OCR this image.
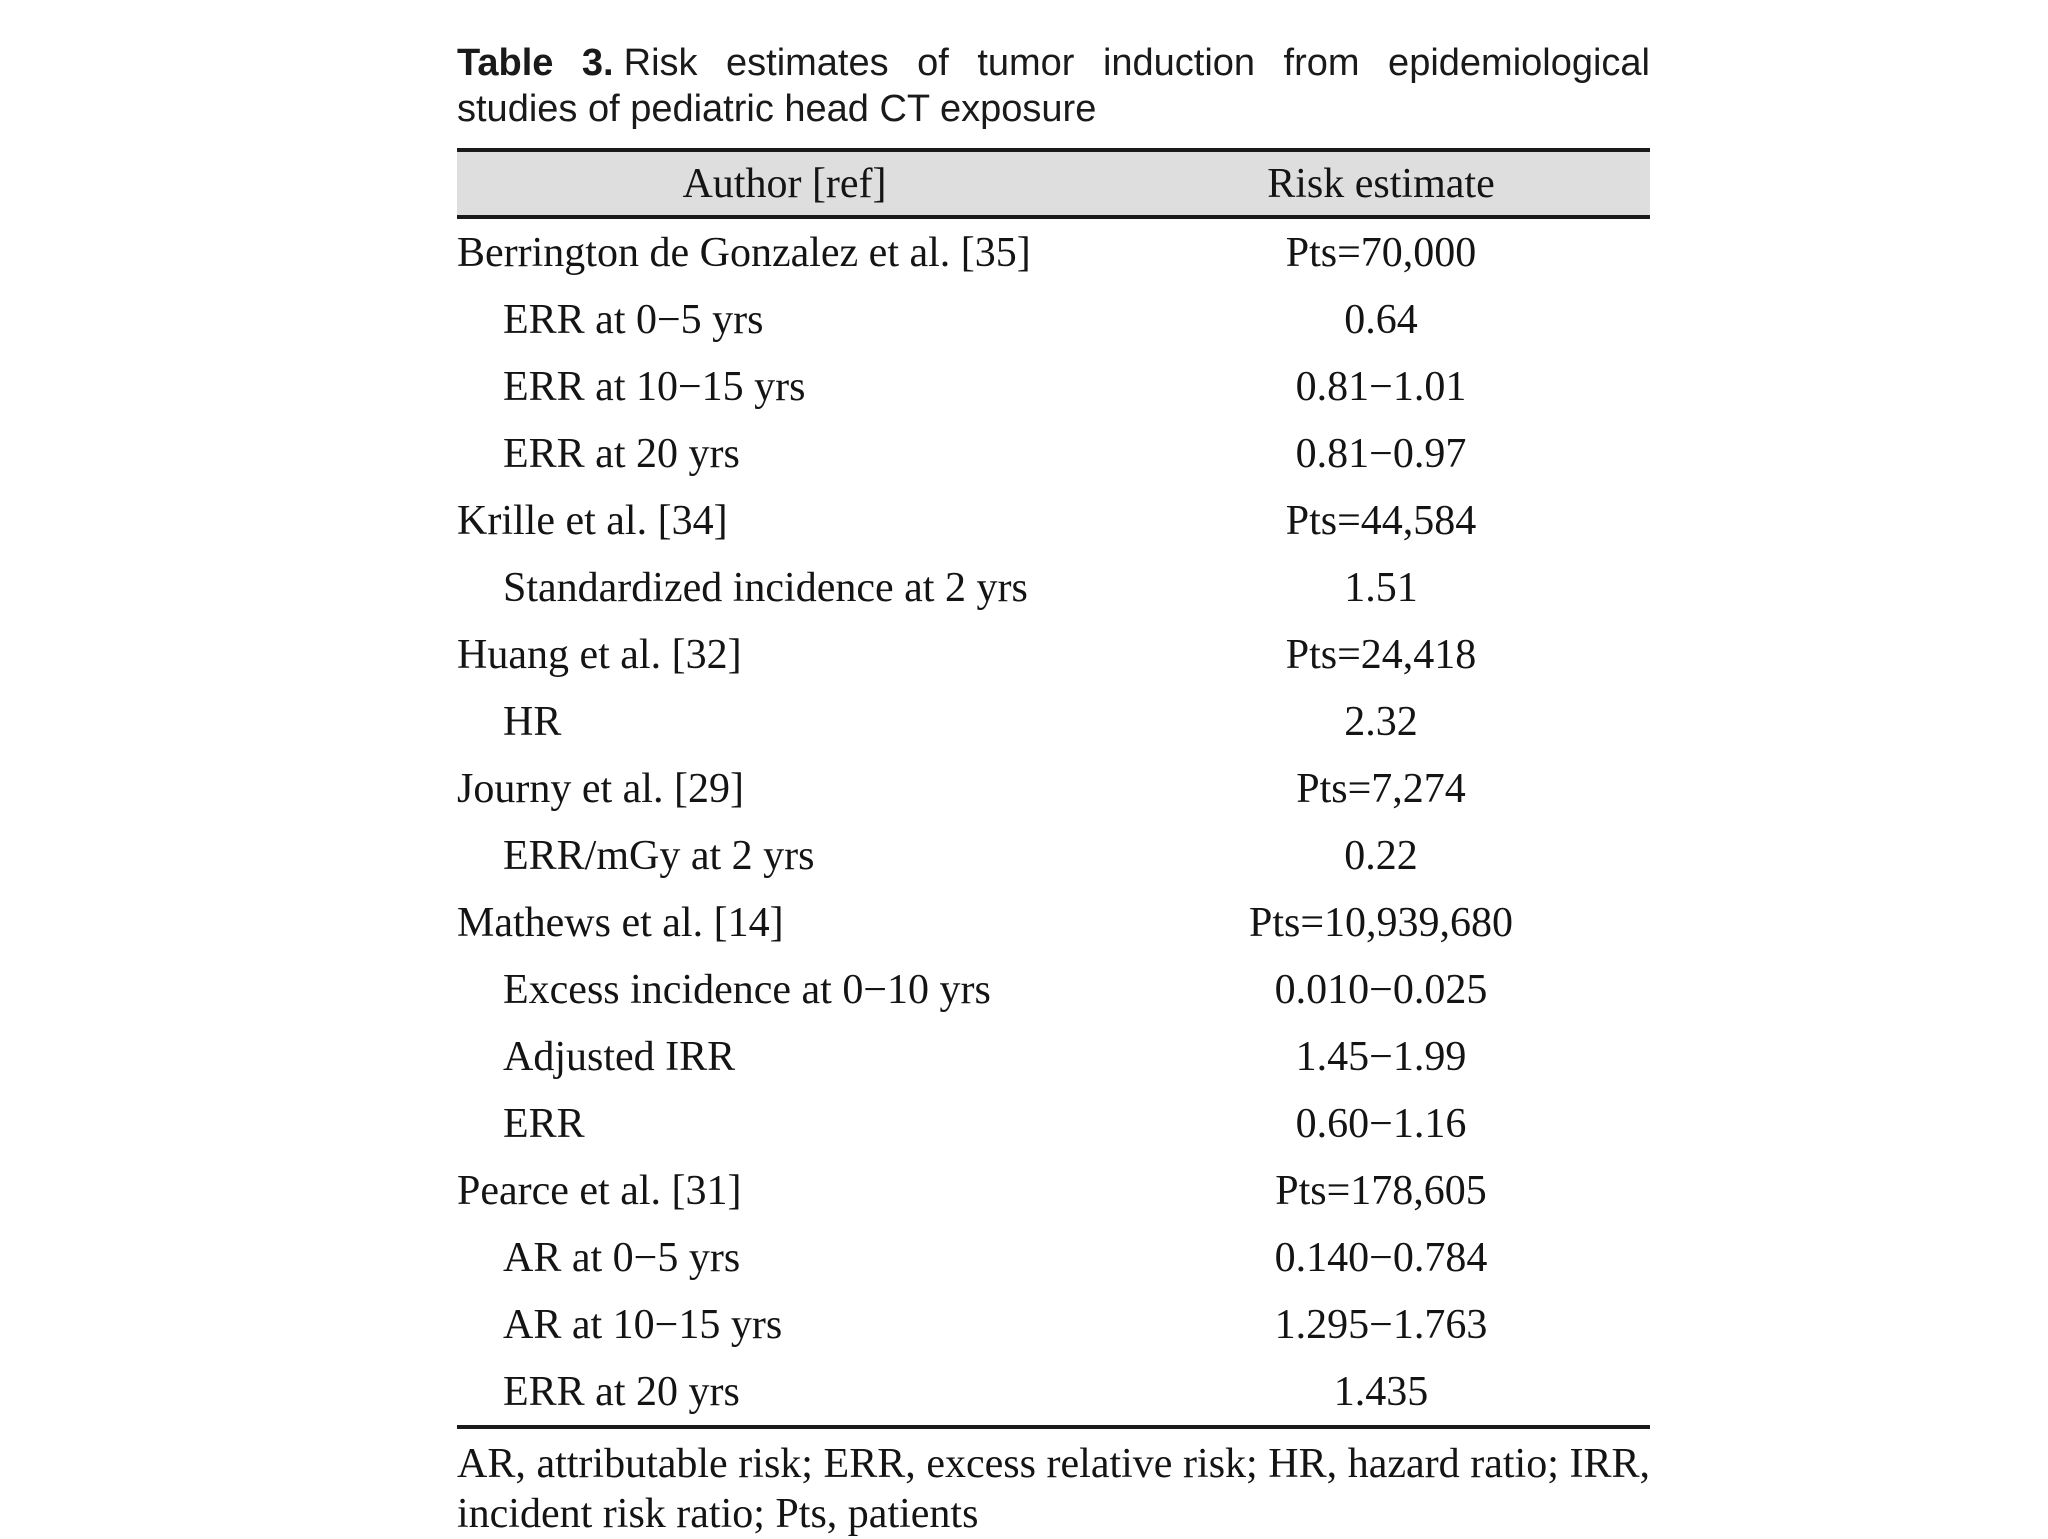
Table 3. Risk estimates of tumor induction from epidemiological studies of pediatric head CT exposure

Author [ref]	Risk estimate
Berrington de Gonzalez et al. [35]	Pts=70,000
ERR at 0−5 yrs	0.64
ERR at 10−15 yrs	0.81−1.01
ERR at 20 yrs	0.81−0.97
Krille et al. [34]	Pts=44,584
Standardized incidence at 2 yrs	1.51
Huang et al. [32]	Pts=24,418
HR	2.32
Journy et al. [29]	Pts=7,274
ERR/mGy at 2 yrs	0.22
Mathews et al. [14]	Pts=10,939,680
Excess incidence at 0−10 yrs	0.010−0.025
Adjusted IRR	1.45−1.99
ERR	0.60−1.16
Pearce et al. [31]	Pts=178,605
AR at 0−5 yrs	0.140−0.784
AR at 10−15 yrs	1.295−1.763
ERR at 20 yrs	1.435
AR, attributable risk; ERR, excess relative risk; HR, hazard ratio; IRR, incident risk ratio; Pts, patients
